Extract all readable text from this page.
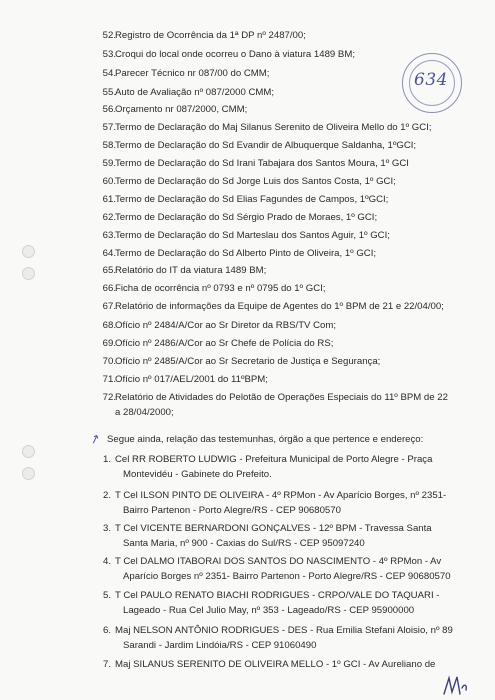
634
52. Registro de Ocorrência da 1ª DP nº 2487/00;
53. Croqui do local onde ocorreu o Dano à viatura 1489 BM;
54. Parecer Técnico nr 087/00 do CMM;
55. Auto de Avaliação nº 087/2000 CMM;
56. Orçamento nr 087/2000, CMM;
57. Termo de Declaração do Maj Silanus Serenito de Oliveira Mello do 1º GCI;
58. Termo de Declaração do Sd Evandir de Albuquerque Saldanha, 1ºGCI;
59. Termo de Declaração do Sd Irani Tabajara dos Santos Moura, 1º GCI
60. Termo de Declaração do Sd Jorge Luis dos Santos Costa, 1º GCI;
61. Termo de Declaração do Sd Elias Fagundes de Campos, 1ºGCI;
62. Termo de Declaração do Sd Sérgio Prado de Moraes, 1º GCI;
63. Termo de Declaração do Sd Marteslau dos Santos Aguir, 1º GCI;
64. Termo de Declaração do Sd Alberto Pinto de Oliveira, 1º GCI;
65. Relatório do IT da viatura 1489 BM;
66. Ficha de ocorrência nº 0793 e nº 0795 do 1º GCI;
67. Relatório de informações da Equipe de Agentes do 1º BPM de 21 e 22/04/00;
68. Ofício nº 2484/A/Cor ao Sr Diretor da RBS/TV Com;
69. Ofício nº 2486/A/Cor ao Sr Chefe de Polícia do RS;
70. Ofício nº 2485/A/Cor ao Sr Secretario de Justiça e Segurança;
71. Ofício nº 017/AEL/2001 do 11ºBPM;
72. Relatório de Atividades do Pelotão de Operações Especiais do 11º BPM de 22
a 28/04/2000;
↗ Segue ainda, relação das testemunhas, órgão a que pertence e endereço:
1. Cel RR ROBERTO LUDWIG - Prefeitura Municipal de Porto Alegre - Praça
Montevidéu - Gabinete do Prefeito.
2. T Cel ILSON PINTO DE OLIVEIRA - 4º RPMon - Av Aparício Borges, nº 2351-
Bairro Partenon - Porto Alegre/RS - CEP 90680570
3. T Cel VICENTE BERNARDONI GONÇALVES - 12º BPM - Travessa Santa
Santa Maria, nº 900 - Caxias do Sul/RS - CEP 95097240
4. T Cel DALMO ITABORAI DOS SANTOS DO NASCIMENTO - 4º RPMon - Av
Aparício Borges nº 2351- Bairro Partenon - Porto Alegre/RS - CEP 90680570
5. T Cel PAULO RENATO BIACHI RODRIGUES - CRPO/VALE DO TAQUARI -
Lageado - Rua Cel Julio May, nº 353 - Lageado/RS - CEP 95900000
6. Maj NELSON ANTÔNIO RODRIGUES - DES - Rua Emilia Stefani Aloisio, nº 89
Sarandi - Jardim Lindóia/RS - CEP 91060490
7. Maj SILANUS SERENITO DE OLIVEIRA MELLO - 1º GCI - Av Aureliano de
